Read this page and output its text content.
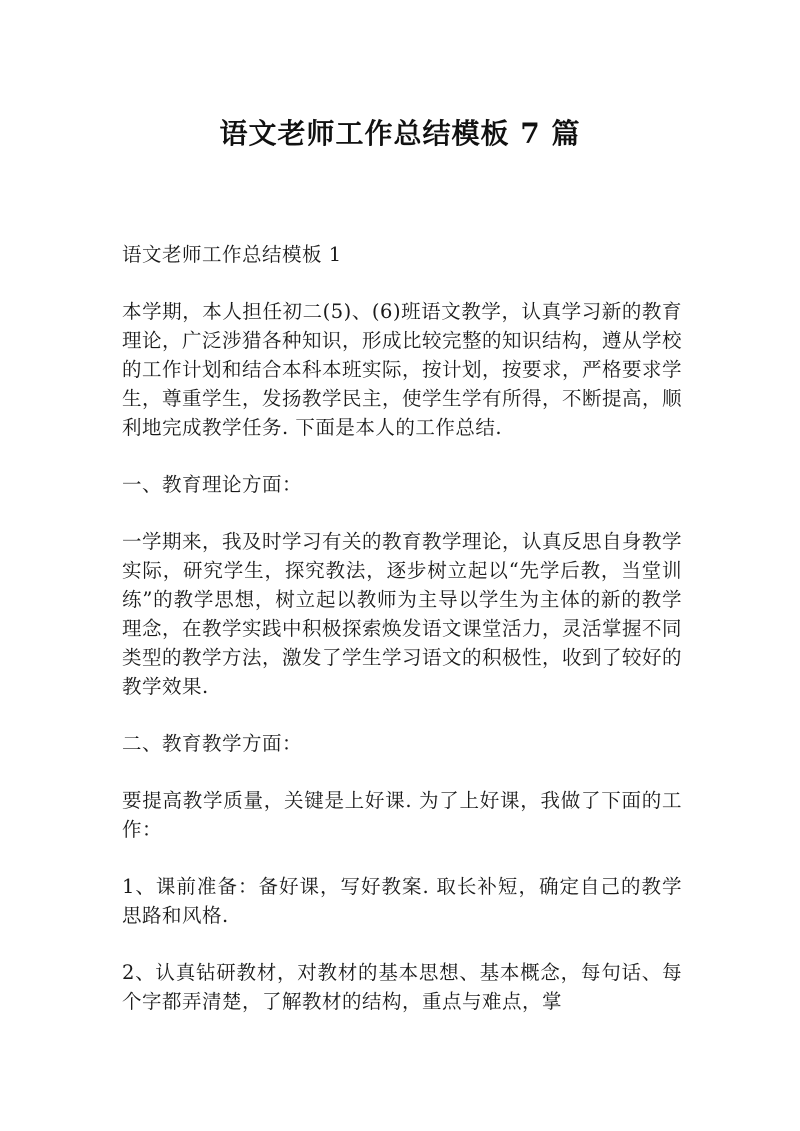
语文老师工作总结模板 7 篇

语文老师工作总结模板 1

本学期，本人担任初二(5)、(6)班语文教学，认真学习新的教育理论，广泛涉猎各种知识，形成比较完整的知识结构，遵从学校的工作计划和结合本科本班实际，按计划，按要求，严格要求学生，尊重学生，发扬教学民主，使学生学有所得，不断提高，顺利地完成教学任务. 下面是本人的工作总结.

一、教育理论方面：

一学期来，我及时学习有关的教育教学理论，认真反思自身教学实际，研究学生，探究教法，逐步树立起以“先学后教，当堂训练”的教学思想，树立起以教师为主导以学生为主体的新的教学理念，在教学实践中积极探索焕发语文课堂活力，灵活掌握不同类型的教学方法，激发了学生学习语文的积极性，收到了较好的教学效果.

二、教育教学方面：

要提高教学质量，关键是上好课. 为了上好课，我做了下面的工作：

1、课前准备：备好课，写好教案. 取长补短，确定自己的教学思路和风格.

2、认真钻研教材，对教材的基本思想、基本概念，每句话、每个字都弄清楚，了解教材的结构，重点与难点，掌
